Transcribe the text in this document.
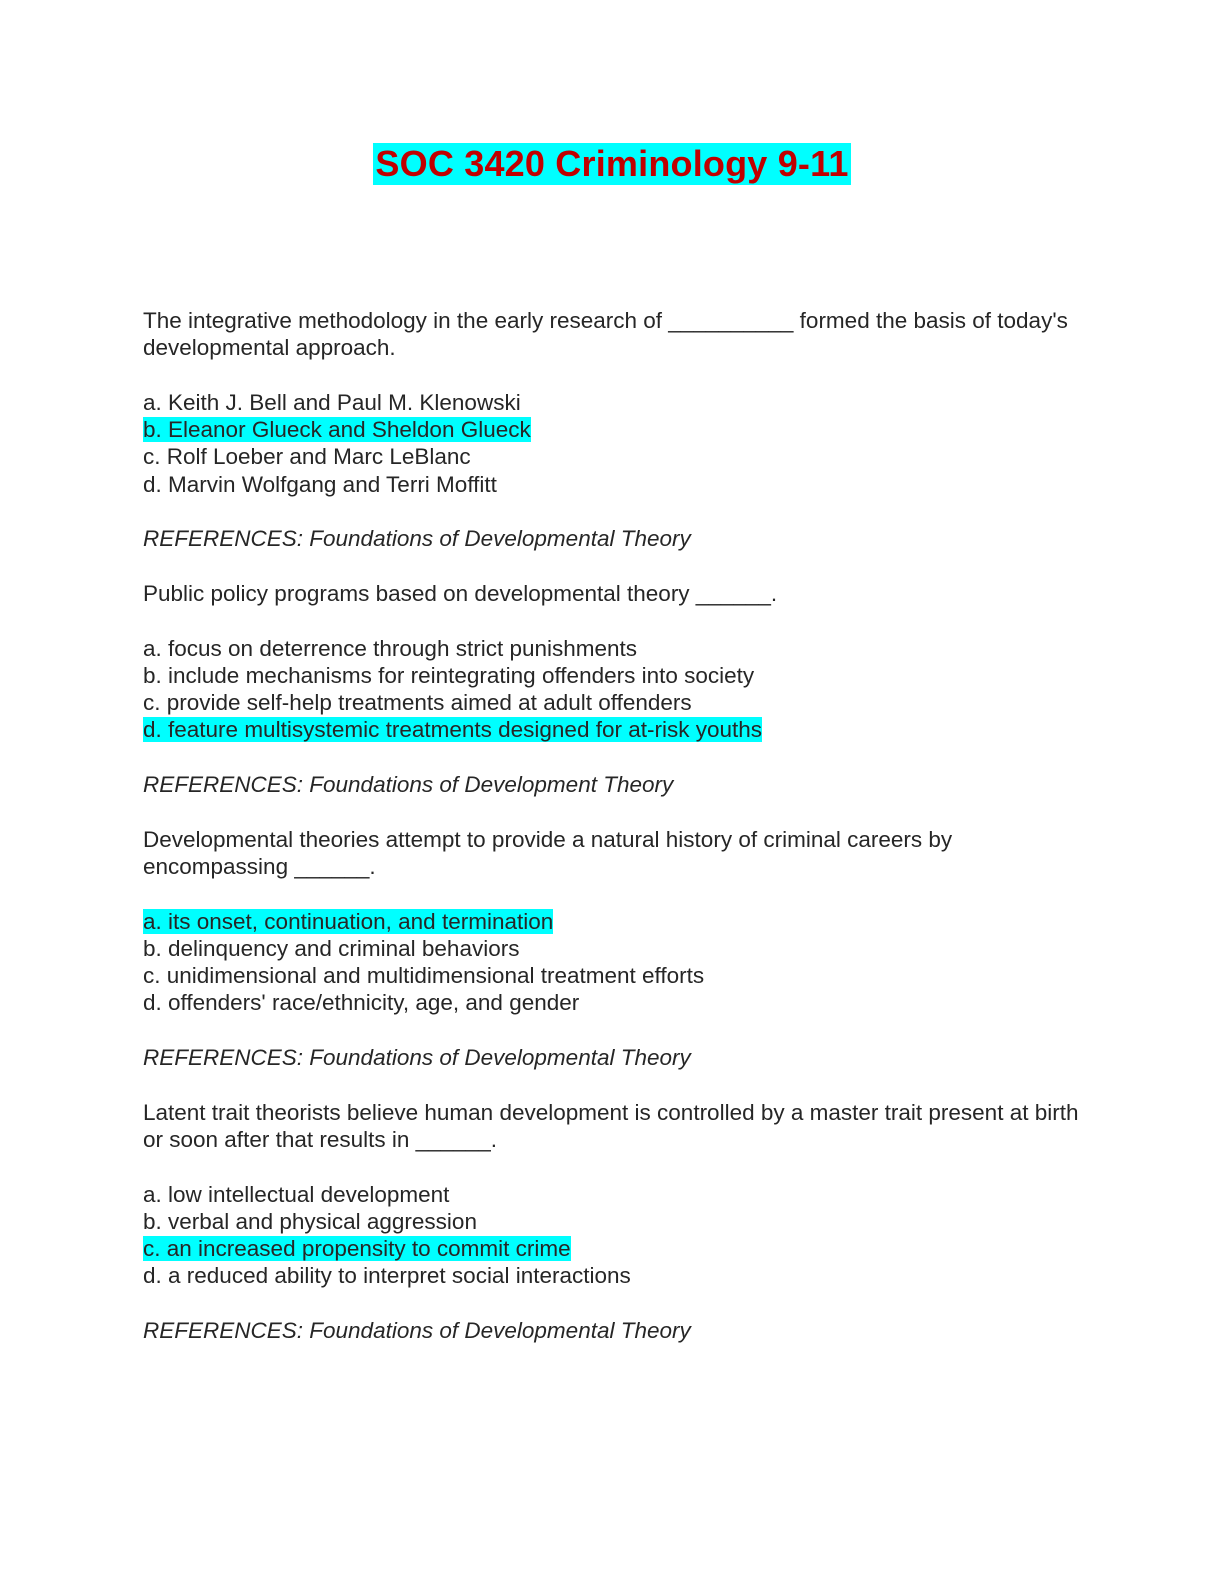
SOC 3420 Criminology 9-11

The integrative methodology in the early research of __________ formed the basis of today's developmental approach.

a. Keith J. Bell and Paul M. Klenowski
b. Eleanor Glueck and Sheldon Glueck
c. Rolf Loeber and Marc LeBlanc
d. Marvin Wolfgang and Terri Moffitt

REFERENCES: Foundations of Developmental Theory

Public policy programs based on developmental theory ______.

a. focus on deterrence through strict punishments
b. include mechanisms for reintegrating offenders into society
c. provide self-help treatments aimed at adult offenders
d. feature multisystemic treatments designed for at-risk youths

REFERENCES: Foundations of Development Theory

Developmental theories attempt to provide a natural history of criminal careers by encompassing ______.

a. its onset, continuation, and termination
b. delinquency and criminal behaviors
c. unidimensional and multidimensional treatment efforts
d. offenders' race/ethnicity, age, and gender

REFERENCES: Foundations of Developmental Theory

Latent trait theorists believe human development is controlled by a master trait present at birth or soon after that results in ______.

a. low intellectual development
b. verbal and physical aggression
c. an increased propensity to commit crime
d. a reduced ability to interpret social interactions

REFERENCES: Foundations of Developmental Theory
